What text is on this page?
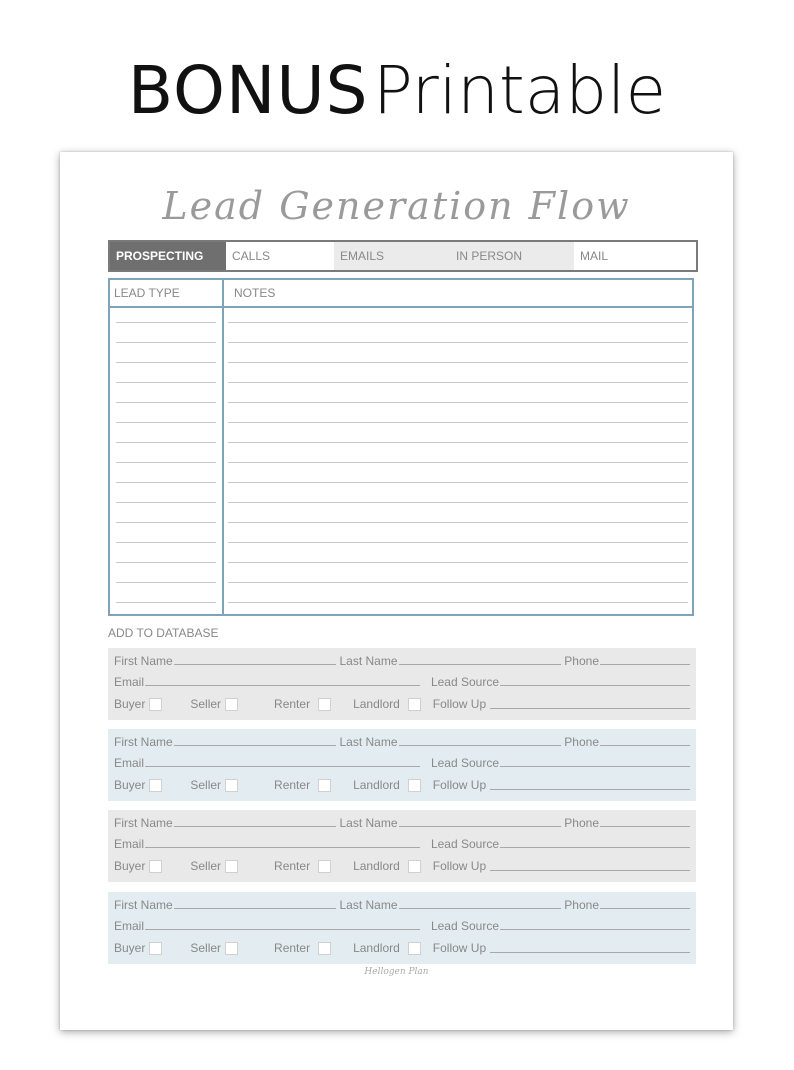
BONUS Printable
Lead Generation Flow
PROSPECTING	CALLS	EMAILS	IN PERSON	MAIL
LEAD TYPE	NOTES
ADD TO DATABASE
First Name	Last Name	Phone
Email	Lead Source
Buyer	Seller	Renter	Landlord	Follow Up
First Name	Last Name	Phone
Email	Lead Source
Buyer	Seller	Renter	Landlord	Follow Up
First Name	Last Name	Phone
Email	Lead Source
Buyer	Seller	Renter	Landlord	Follow Up
First Name	Last Name	Phone
Email	Lead Source
Buyer	Seller	Renter	Landlord	Follow Up
Hellogen Plan
